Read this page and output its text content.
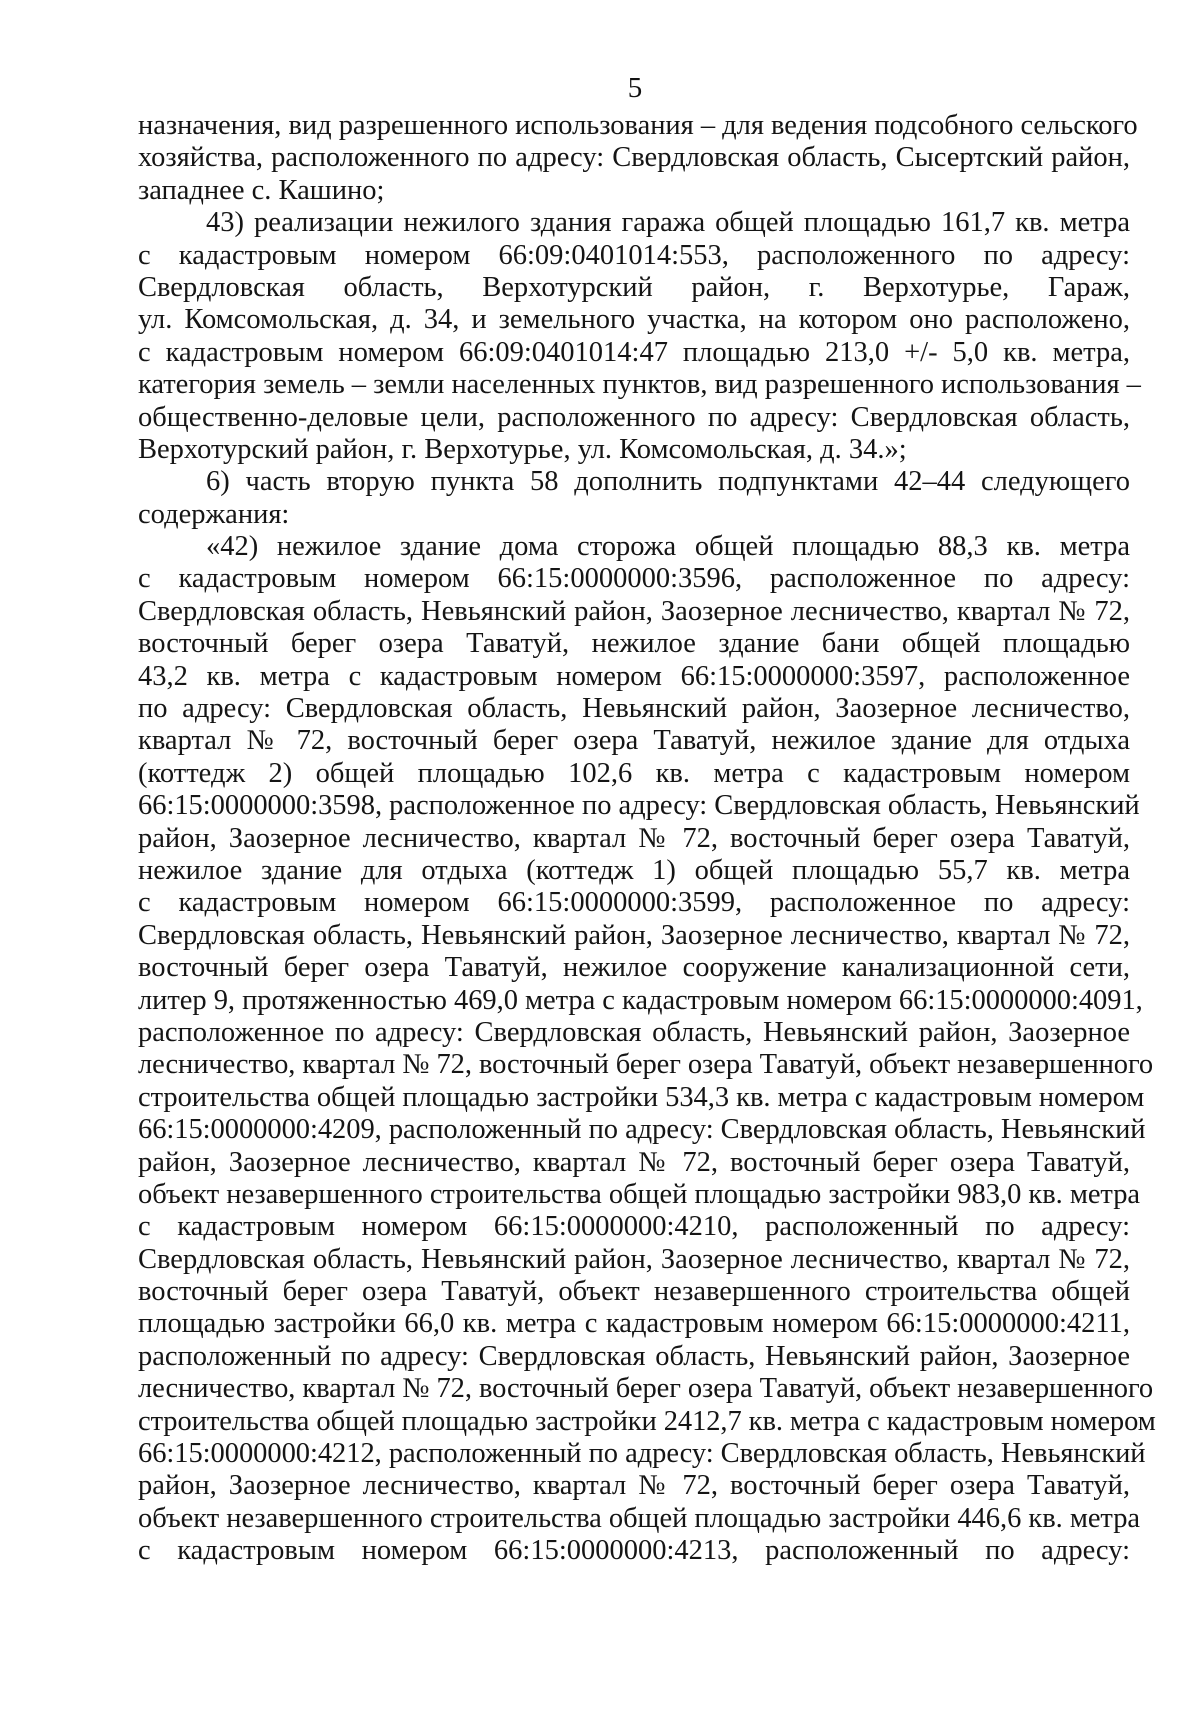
5
назначения, вид разрешенного использования – для ведения подсобного сельского
хозяйства, расположенного по адресу: Свердловская область, Сысертский район,
западнее с. Кашино;
43) реализации нежилого здания гаража общей площадью 161,7 кв. метра
с кадастровым номером 66:09:0401014:553, расположенного по адресу:
Свердловская область, Верхотурский район, г. Верхотурье, Гараж,
ул. Комсомольская, д. 34, и земельного участка, на котором оно расположено,
с кадастровым номером 66:09:0401014:47 площадью 213,0 +/- 5,0 кв. метра,
категория земель – земли населенных пунктов, вид разрешенного использования –
общественно-деловые цели, расположенного по адресу: Свердловская область,
Верхотурский район, г. Верхотурье, ул. Комсомольская, д. 34.»;
6) часть вторую пункта 58 дополнить подпунктами 42–44 следующего
содержания:
«42) нежилое здание дома сторожа общей площадью 88,3 кв. метра
с кадастровым номером 66:15:0000000:3596, расположенное по адресу:
Свердловская область, Невьянский район, Заозерное лесничество, квартал № 72,
восточный берег озера Таватуй, нежилое здание бани общей площадью
43,2 кв. метра с кадастровым номером 66:15:0000000:3597, расположенное
по адресу: Свердловская область, Невьянский район, Заозерное лесничество,
квартал № 72, восточный берег озера Таватуй, нежилое здание для отдыха
(коттедж 2) общей площадью 102,6 кв. метра с кадастровым номером
66:15:0000000:3598, расположенное по адресу: Свердловская область, Невьянский
район, Заозерное лесничество, квартал № 72, восточный берег озера Таватуй,
нежилое здание для отдыха (коттедж 1) общей площадью 55,7 кв. метра
с кадастровым номером 66:15:0000000:3599, расположенное по адресу:
Свердловская область, Невьянский район, Заозерное лесничество, квартал № 72,
восточный берег озера Таватуй, нежилое сооружение канализационной сети,
литер 9, протяженностью 469,0 метра с кадастровым номером 66:15:0000000:4091,
расположенное по адресу: Свердловская область, Невьянский район, Заозерное
лесничество, квартал № 72, восточный берег озера Таватуй, объект незавершенного
строительства общей площадью застройки 534,3 кв. метра с кадастровым номером
66:15:0000000:4209, расположенный по адресу: Свердловская область, Невьянский
район, Заозерное лесничество, квартал № 72, восточный берег озера Таватуй,
объект незавершенного строительства общей площадью застройки 983,0 кв. метра
с кадастровым номером 66:15:0000000:4210, расположенный по адресу:
Свердловская область, Невьянский район, Заозерное лесничество, квартал № 72,
восточный берег озера Таватуй, объект незавершенного строительства общей
площадью застройки 66,0 кв. метра с кадастровым номером 66:15:0000000:4211,
расположенный по адресу: Свердловская область, Невьянский район, Заозерное
лесничество, квартал № 72, восточный берег озера Таватуй, объект незавершенного
строительства общей площадью застройки 2412,7 кв. метра с кадастровым номером
66:15:0000000:4212, расположенный по адресу: Свердловская область, Невьянский
район, Заозерное лесничество, квартал № 72, восточный берег озера Таватуй,
объект незавершенного строительства общей площадью застройки 446,6 кв. метра
с кадастровым номером 66:15:0000000:4213, расположенный по адресу:
